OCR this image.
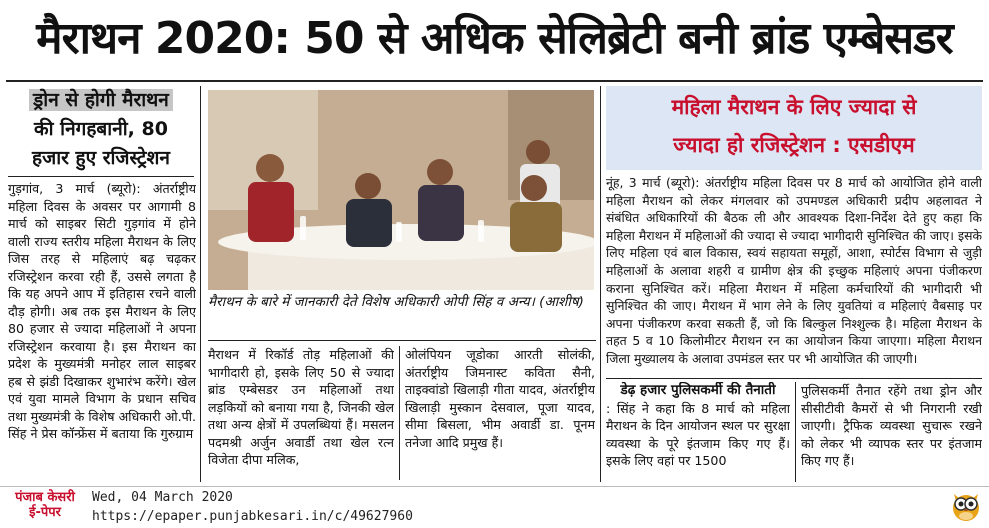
मैराथन 2020: 50 से अधिक सेलिब्रेटी बनी ब्रांड एम्बेसडर
ड्रोन से होगी मैराथन
की निगहबानी, 80
हजार हुए रजिस्ट्रेशन

गुड़गांव, 3 मार्च (ब्यूरो): अंतर्राष्ट्रीय महिला दिवस के अवसर पर आगामी 8 मार्च को साइबर सिटी गुड़गांव में होने वाली राज्य स्तरीय महिला मैराथन के लिए जिस तरह से महिलाएं बढ़ चढ़कर रजिस्ट्रेशन करवा रही हैं, उससे लगता है कि यह अपने आप में इतिहास रचने वाली दौड़ होगी। अब तक इस मैराथन के लिए 80 हजार से ज्यादा महिलाओं ने अपना रजिस्ट्रेशन करवाया है। इस मैराथन का प्रदेश के मुख्यमंत्री मनोहर लाल साइबर हब से झंडी दिखाकर शुभारंभ करेंगे। खेल एवं युवा मामले विभाग के प्रधान सचिव तथा मुख्यमंत्री के विशेष अधिकारी ओ.पी. सिंह ने प्रेस कॉन्फ्रेंस में बताया कि गुरुग्राम

मैराथन के बारे में जानकारी देते विशेष अधिकारी ओपी सिंह व अन्य। (आशीष)

मैराथन में रिकॉर्ड तोड़ महिलाओं की भागीदारी हो, इसके लिए 50 से ज्यादा ब्रांड एम्बेसडर उन महिलाओं तथा लड़कियों को बनाया गया है, जिनकी खेल तथा अन्य क्षेत्रों में उपलब्धियां हैं। मसलन पदमश्री अर्जुन अवार्डी तथा खेल रत्न विजेता दीपा मलिक,

ओलंपियन जूडोका आरती सोलंकी, अंतर्राष्ट्रीय जिमनास्ट कविता सैनी, ताइक्वांडो खिलाड़ी गीता यादव, अंतर्राष्ट्रीय खिलाड़ी मुस्कान देसवाल, पूजा यादव, सीमा बिसला, भीम अवार्डी डा. पूनम तनेजा आदि प्रमुख हैं।

महिला मैराथन के लिए ज्यादा से
ज्यादा हो रजिस्ट्रेशन : एसडीएम

नूंह, 3 मार्च (ब्यूरो): अंतर्राष्ट्रीय महिला दिवस पर 8 मार्च को आयोजित होने वाली महिला मैराथन को लेकर मंगलवार को उपमण्डल अधिकारी प्रदीप अहलावत ने संबंधित अधिकारियों की बैठक ली और आवश्यक दिशा-निर्देश देते हुए कहा कि महिला मैराथन में महिलाओं की ज्यादा से ज्यादा भागीदारी सुनिश्चित की जाए। इसके लिए महिला एवं बाल विकास, स्वयं सहायता समूहों, आशा, स्पोर्टस विभाग से जुड़ी महिलाओं के अलावा शहरी व ग्रामीण क्षेत्र की इच्छुक महिलाएं अपना पंजीकरण कराना सुनिश्चित करें। महिला मैराथन में महिला कर्मचारियों की भागीदारी भी सुनिश्चित की जाए। मैराथन में भाग लेने के लिए युवतियां व महिलाएं वैबसाइ पर अपना पंजीकरण करवा सकती हैं, जो कि बिल्कुल निश्शुल्क है। महिला मैराथन के तहत 5 व 10 किलोमीटर मैराथन रन का आयोजन किया जाएगा। महिला मैराथन जिला मुख्यालय के अलावा उपमंडल स्तर पर भी आयोजित की जाएगी।

डेढ़ हजार पुलिसकर्मी की तैनाती

: सिंह ने कहा कि 8 मार्च को महिला मैराथन के दिन आयोजन स्थल पर सुरक्षा व्यवस्था के पूरे इंतजाम किए गए हैं। इसके लिए वहां पर 1500

पुलिसकर्मी तैनात रहेंगे तथा ड्रोन और सीसीटीवी कैमरों से भी निगरानी रखी जाएगी। ट्रैफिक व्यवस्था सुचारू रखने को लेकर भी व्यापक स्तर पर इंतजाम किए गए हैं।

पंजाब केसरी
ई-पेपर
Wed, 04 March 2020
https://epaper.punjabkesari.in/c/49627960
